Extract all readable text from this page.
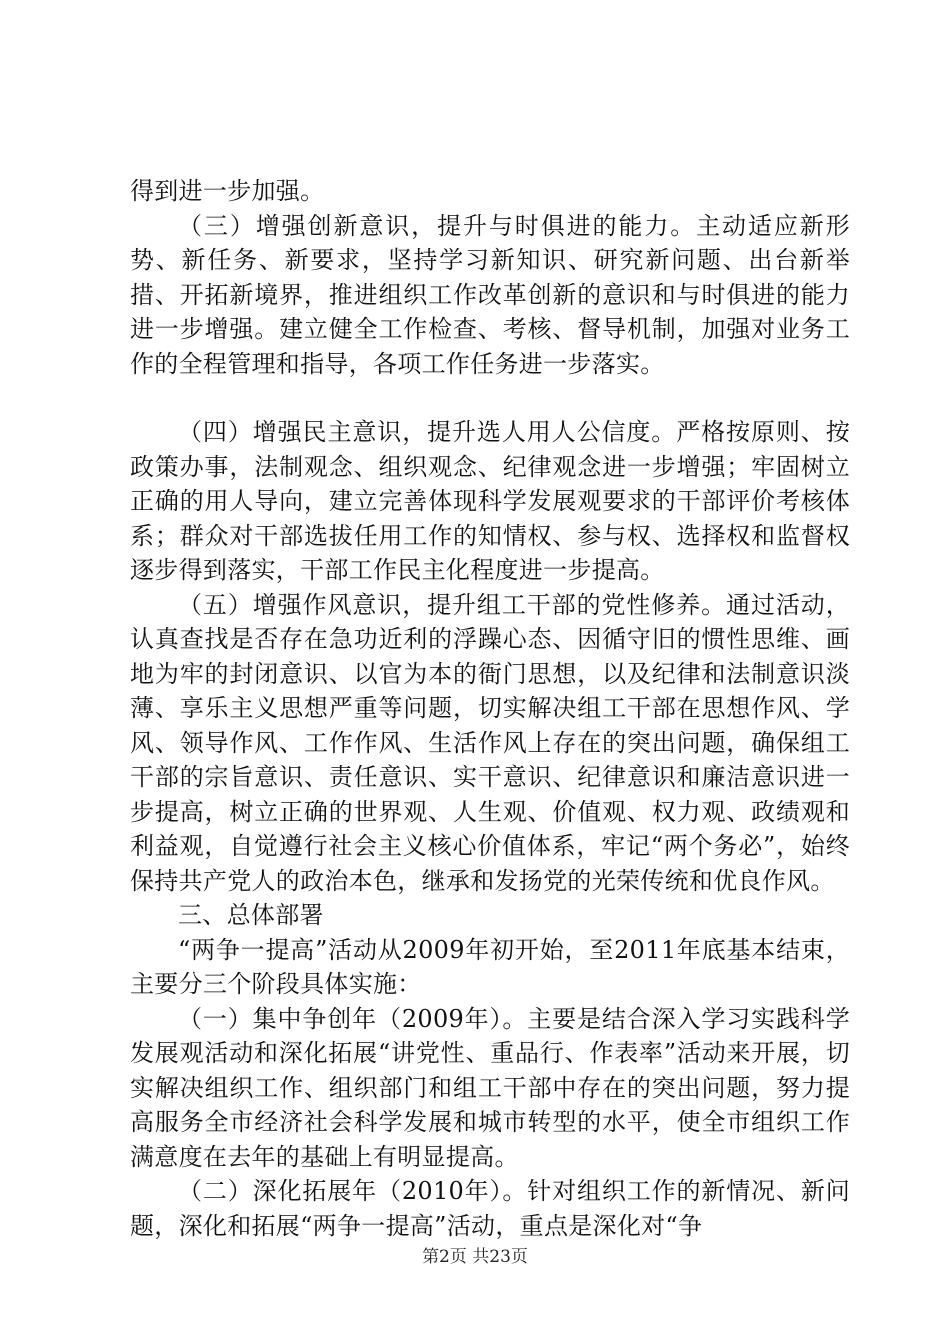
得到进一步加强。

（三）增强创新意识，提升与时俱进的能力。主动适应新形势、新任务、新要求，坚持学习新知识、研究新问题、出台新举措、开拓新境界，推进组织工作改革创新的意识和与时俱进的能力进一步增强。建立健全工作检查、考核、督导机制，加强对业务工作的全程管理和指导，各项工作任务进一步落实。

（四）增强民主意识，提升选人用人公信度。严格按原则、按政策办事，法制观念、组织观念、纪律观念进一步增强；牢固树立正确的用人导向，建立完善体现科学发展观要求的干部评价考核体系；群众对干部选拔任用工作的知情权、参与权、选择权和监督权逐步得到落实，干部工作民主化程度进一步提高。

（五）增强作风意识，提升组工干部的党性修养。通过活动，认真查找是否存在急功近利的浮躁心态、因循守旧的惯性思维、画地为牢的封闭意识、以官为本的衙门思想，以及纪律和法制意识淡薄、享乐主义思想严重等问题，切实解决组工干部在思想作风、学风、领导作风、工作作风、生活作风上存在的突出问题，确保组工干部的宗旨意识、责任意识、实干意识、纪律意识和廉洁意识进一步提高，树立正确的世界观、人生观、价值观、权力观、政绩观和利益观，自觉遵行社会主义核心价值体系，牢记“两个务必”，始终保持共产党人的政治本色，继承和发扬党的光荣传统和优良作风。

三、总体部署

“两争一提高”活动从2009年初开始，至2011年底基本结束，主要分三个阶段具体实施：

（一）集中争创年（2009年）。主要是结合深入学习实践科学发展观活动和深化拓展“讲党性、重品行、作表率”活动来开展，切实解决组织工作、组织部门和组工干部中存在的突出问题，努力提高服务全市经济社会科学发展和城市转型的水平，使全市组织工作满意度在去年的基础上有明显提高。

（二）深化拓展年（2010年）。针对组织工作的新情况、新问题，深化和拓展“两争一提高”活动，重点是深化对“争

第2页 共23页
